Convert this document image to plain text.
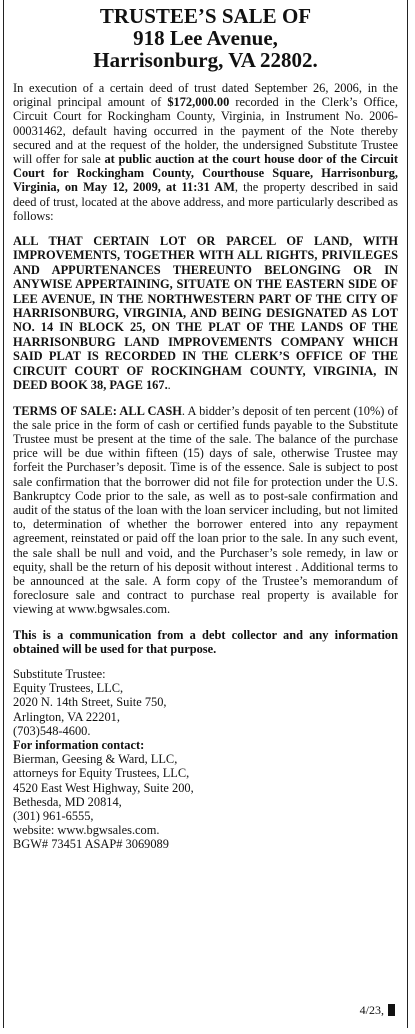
TRUSTEE’S SALE OF
918 Lee Avenue,
Harrisonburg, VA 22802.

In execution of a certain deed of trust dated September 26, 2006, in the original principal amount of $172,000.00 recorded in the Clerk’s Office, Circuit Court for Rockingham County, Virginia, in Instrument No. 2006-00031462, default having occurred in the payment of the Note thereby secured and at the request of the holder, the undersigned Substitute Trustee will offer for sale at public auction at the court house door of the Circuit Court for Rockingham County, Courthouse Square, Harrisonburg, Virginia, on May 12, 2009, at 11:31 AM, the property described in said deed of trust, located at the above address, and more particularly described as follows:

ALL THAT CERTAIN LOT OR PARCEL OF LAND, WITH IMPROVEMENTS, TOGETHER WITH ALL RIGHTS, PRIVILEGES AND APPURTENANCES THEREUNTO BELONGING OR IN ANYWISE APPERTAINING, SITUATE ON THE EASTERN SIDE OF LEE AVENUE, IN THE NORTHWESTERN PART OF THE CITY OF HARRISONBURG, VIRGINIA, AND BEING DESIGNATED AS LOT NO. 14 IN BLOCK 25, ON THE PLAT OF THE LANDS OF THE HARRISONBURG LAND IMPROVEMENTS COMPANY WHICH SAID PLAT IS RECORDED IN THE CLERK’S OFFICE OF THE CIRCUIT COURT OF ROCKINGHAM COUNTY, VIRGINIA, IN DEED BOOK 38, PAGE 167..

TERMS OF SALE: ALL CASH. A bidder’s deposit of ten percent (10%) of the sale price in the form of cash or certified funds payable to the Substitute Trustee must be present at the time of the sale. The balance of the purchase price will be due within fifteen (15) days of sale, otherwise Trustee may forfeit the Purchaser’s deposit. Time is of the essence. Sale is subject to post sale confirmation that the borrower did not file for protection under the U.S. Bankruptcy Code prior to the sale, as well as to post-sale confirmation and audit of the status of the loan with the loan servicer including, but not limited to, determination of whether the borrower entered into any repayment agreement, reinstated or paid off the loan prior to the sale. In any such event, the sale shall be null and void, and the Purchaser’s sole remedy, in law or equity, shall be the return of his deposit without interest . Additional terms to be announced at the sale. A form copy of the Trustee’s memorandum of foreclosure sale and contract to purchase real property is available for viewing at www.bgwsales.com.

This is a communication from a debt collector and any information obtained will be used for that purpose.

Substitute Trustee:
Equity Trustees, LLC,
2020 N. 14th Street, Suite 750,
Arlington, VA 22201,
(703)548-4600.
For information contact:
Bierman, Geesing & Ward, LLC,
attorneys for Equity Trustees, LLC,
4520 East West Highway, Suite 200,
Bethesda, MD 20814,
(301) 961-6555,
website: www.bgwsales.com.
BGW# 73451 ASAP# 3069089
4/23,
